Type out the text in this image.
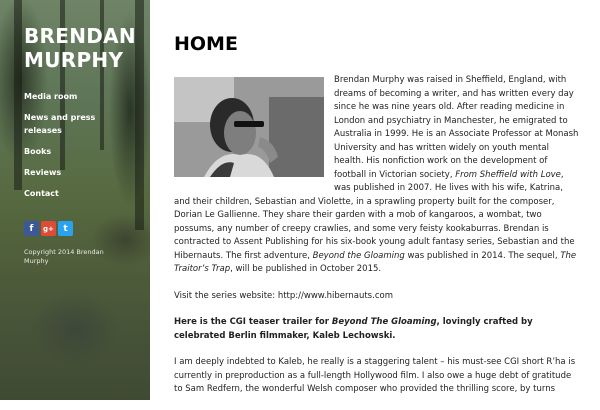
BRENDAN
MURPHY
Media room
News and press releases
Books
Reviews
Contact
f	g+	t
Copyright 2014 Brendan Murphy
HOME

Brendan Murphy was raised in Sheffield, England, with dreams of becoming a writer, and has written every day since he was nine years old. After reading medicine in London and psychiatry in Manchester, he emigrated to Australia in 1999. He is an Associate Professor at Monash University and has written widely on youth mental health. His nonfiction work on the development of football in Victorian society, From Sheffield with Love, was published in 2007. He lives with his wife, Katrina, and their children, Sebastian and Violette, in a sprawling property built for the composer, Dorian Le Gallienne. They share their garden with a mob of kangaroos, a wombat, two possums, any number of creepy crawlies, and some very feisty kookaburras. Brendan is contracted to Assent Publishing for his six-book young adult fantasy series, Sebastian and the Hibernauts. The first adventure, Beyond the Gloaming was published in 2014. The sequel, The Traitor’s Trap, will be published in October 2015.

Visit the series website: http://www.hibernauts.com

Here is the CGI teaser trailer for Beyond The Gloaming, lovingly crafted by celebrated Berlin filmmaker, Kaleb Lechowski.

I am deeply indebted to Kaleb, he really is a staggering talent – his must-see CGI short R’ha is currently in preproduction as a full-length Hollywood film. I also owe a huge debt of gratitude to Sam Redfern, the wonderful Welsh composer who provided the thrilling score, by turns
